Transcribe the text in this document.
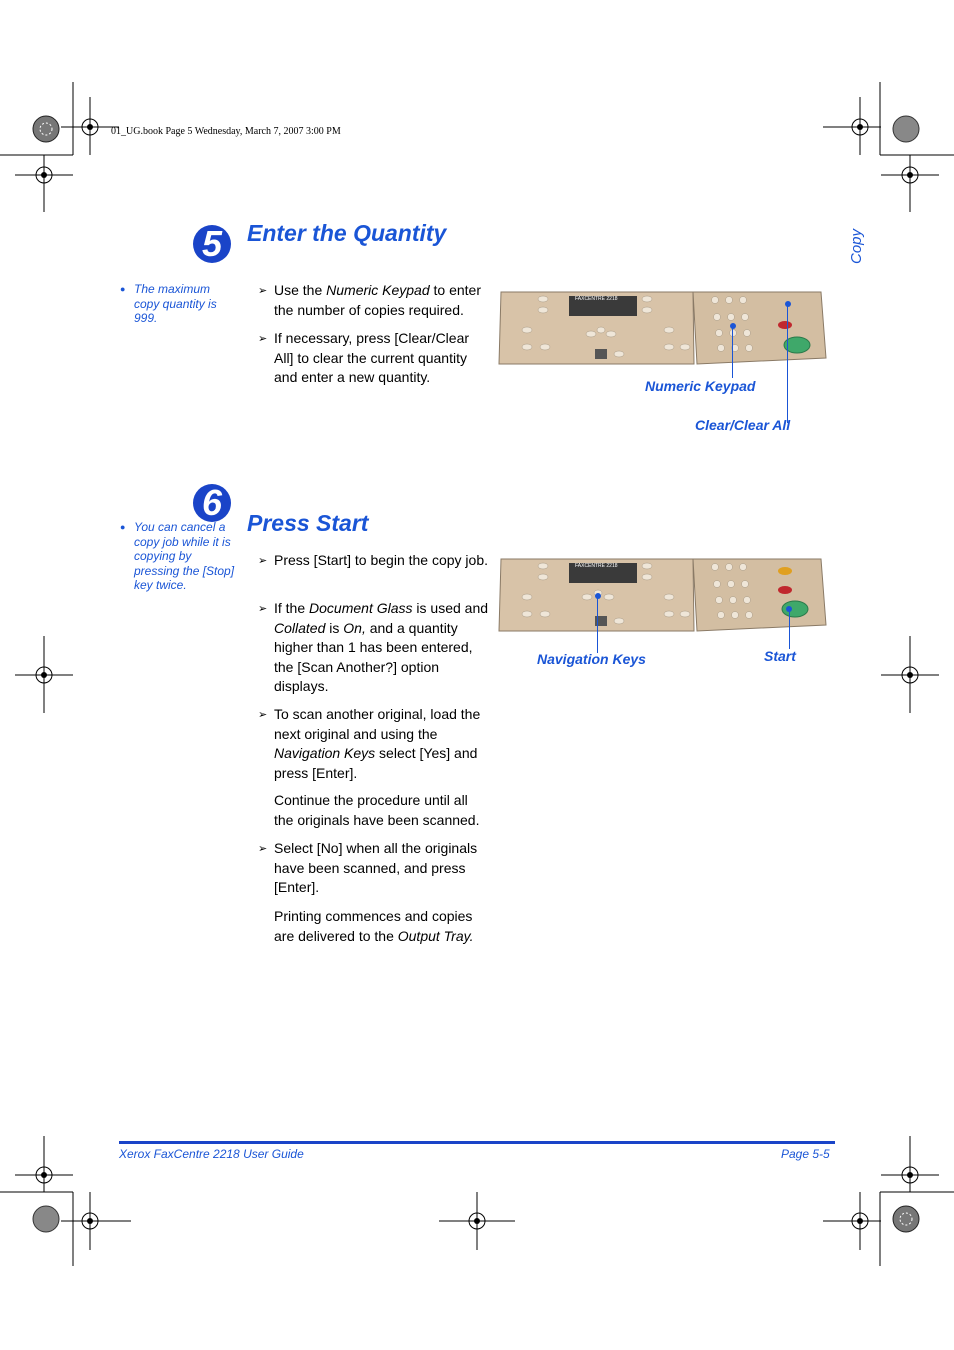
01_UG.book Page 5 Wednesday, March 7, 2007 3:00 PM
Copy
5	Enter the Quantity
● The maximum copy quantity is 999.
➢ Use the Numeric Keypad to enter the number of copies required.
➢ If necessary, press [Clear/Clear All] to clear the current quantity and enter a new quantity.
FAXCENTRE 2218
Numeric Keypad
Clear/Clear All
6	Press Start
● You can cancel a copy job while it is copying by pressing the [Stop] key twice.
➢ Press [Start] to begin the copy job.
➢ If the Document Glass is used and Collated is On, and a quantity higher than 1 has been entered, the [Scan Another?] option displays.
➢ To scan another original, load the next original and using the Navigation Keys select [Yes] and press [Enter].
Continue the procedure until all the originals have been scanned.
➢ Select [No] when all the originals have been scanned, and press [Enter].
Printing commences and copies are delivered to the Output Tray.
FAXCENTRE 2218
Navigation Keys	Start
Xerox FaxCentre 2218 User Guide	Page 5-5
